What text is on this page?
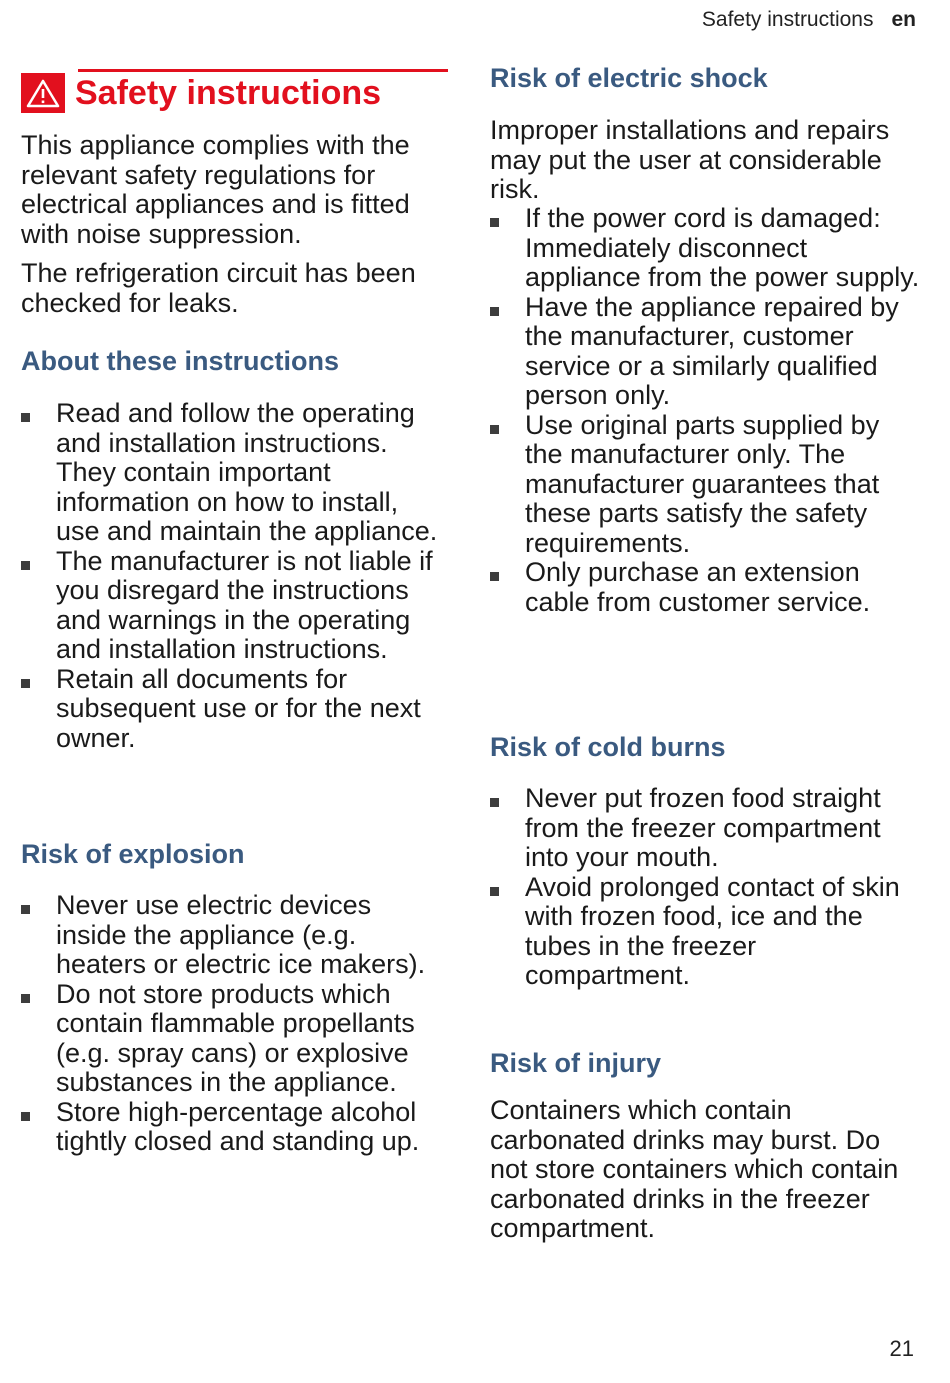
Safety instructions en
Safety instructions

This appliance complies with the relevant safety regulations for electrical appliances and is fitted with noise suppression.

The refrigeration circuit has been checked for leaks.

About these instructions
Read and follow the operating and installation instructions. They contain important information on how to install, use and maintain the appliance.
The manufacturer is not liable if you disregard the instructions and warnings in the operating and installation instructions.
Retain all documents for subsequent use or for the next owner.
Risk of explosion
Never use electric devices inside the appliance (e.g. heaters or electric ice makers).
Do not store products which contain flammable propellants (e.g. spray cans) or explosive substances in the appliance.
Store high-percentage alcohol tightly closed and standing up.
Risk of electric shock

Improper installations and repairs may put the user at considerable risk.

If the power cord is damaged: Immediately disconnect appliance from the power supply.
Have the appliance repaired by the manufacturer, customer service or a similarly qualified person only.
Use original parts supplied by the manufacturer only. The manufacturer guarantees that these parts satisfy the safety requirements.
Only purchase an extension cable from customer service.
Risk of cold burns
Never put frozen food straight from the freezer compartment into your mouth.
Avoid prolonged contact of skin with frozen food, ice and the tubes in the freezer compartment.
Risk of injury

Containers which contain carbonated drinks may burst. Do not store containers which contain carbonated drinks in the freezer compartment.

21
